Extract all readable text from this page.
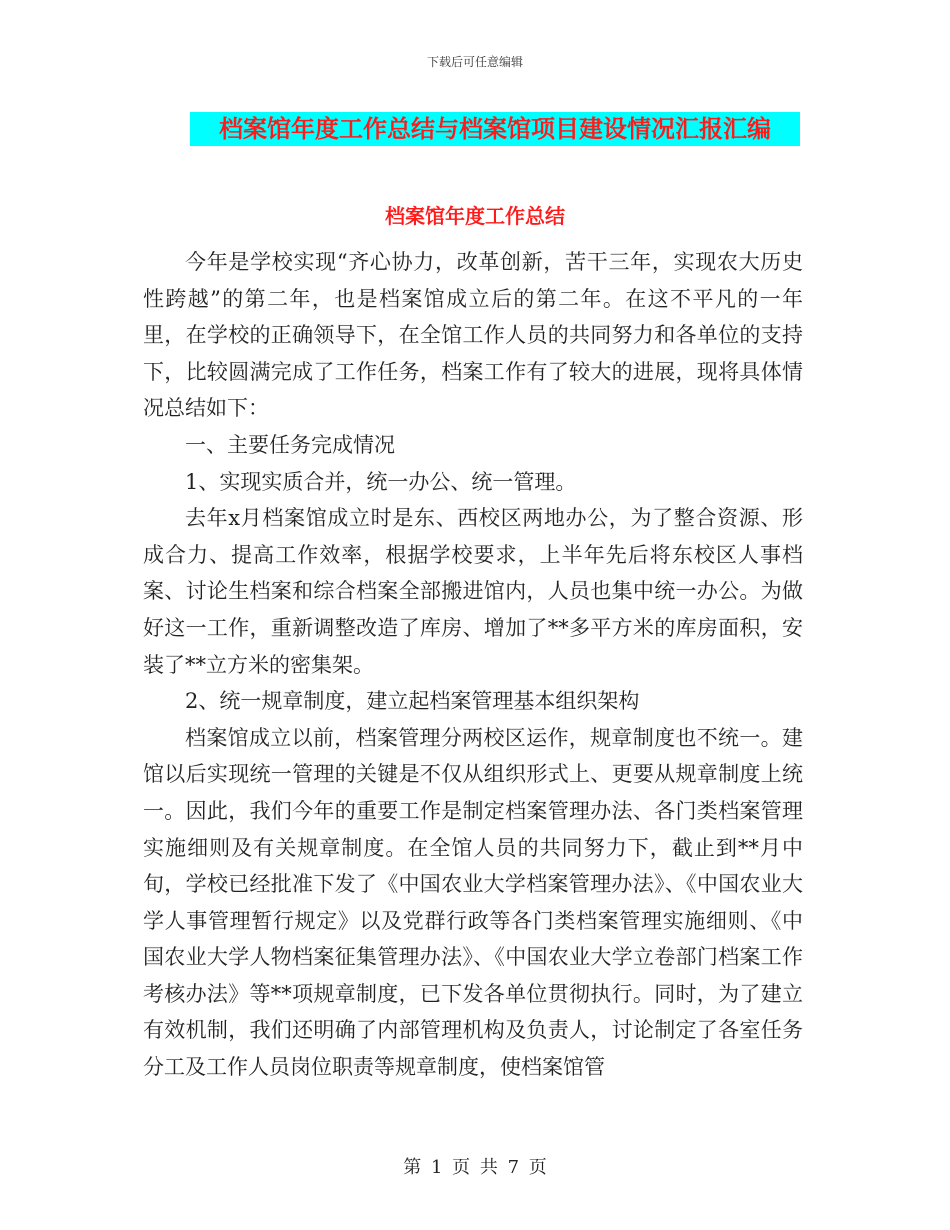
下载后可任意编辑
档案馆年度工作总结与档案馆项目建设情况汇报汇编
档案馆年度工作总结

今年是学校实现“齐心协力，改革创新，苦干三年，实现农大历史性跨越”的第二年，也是档案馆成立后的第二年。在这不平凡的一年里，在学校的正确领导下，在全馆工作人员的共同努力和各单位的支持下，比较圆满完成了工作任务，档案工作有了较大的进展，现将具体情况总结如下：

一、主要任务完成情况

1、实现实质合并，统一办公、统一管理。

去年x月档案馆成立时是东、西校区两地办公，为了整合资源、形成合力、提高工作效率，根据学校要求，上半年先后将东校区人事档案、讨论生档案和综合档案全部搬进馆内，人员也集中统一办公。为做好这一工作，重新调整改造了库房、增加了**多平方米的库房面积，安装了**立方米的密集架。

2、统一规章制度，建立起档案管理基本组织架构

档案馆成立以前，档案管理分两校区运作，规章制度也不统一。建馆以后实现统一管理的关键是不仅从组织形式上、更要从规章制度上统一。因此，我们今年的重要工作是制定档案管理办法、各门类档案管理实施细则及有关规章制度。在全馆人员的共同努力下，截止到**月中旬，学校已经批准下发了《中国农业大学档案管理办法》、《中国农业大学人事管理暂行规定》以及党群行政等各门类档案管理实施细则、《中国农业大学人物档案征集管理办法》、《中国农业大学立卷部门档案工作考核办法》等**项规章制度，已下发各单位贯彻执行。同时，为了建立有效机制，我们还明确了内部管理机构及负责人，讨论制定了各室任务分工及工作人员岗位职责等规章制度，使档案馆管

第 1 页 共 7 页
